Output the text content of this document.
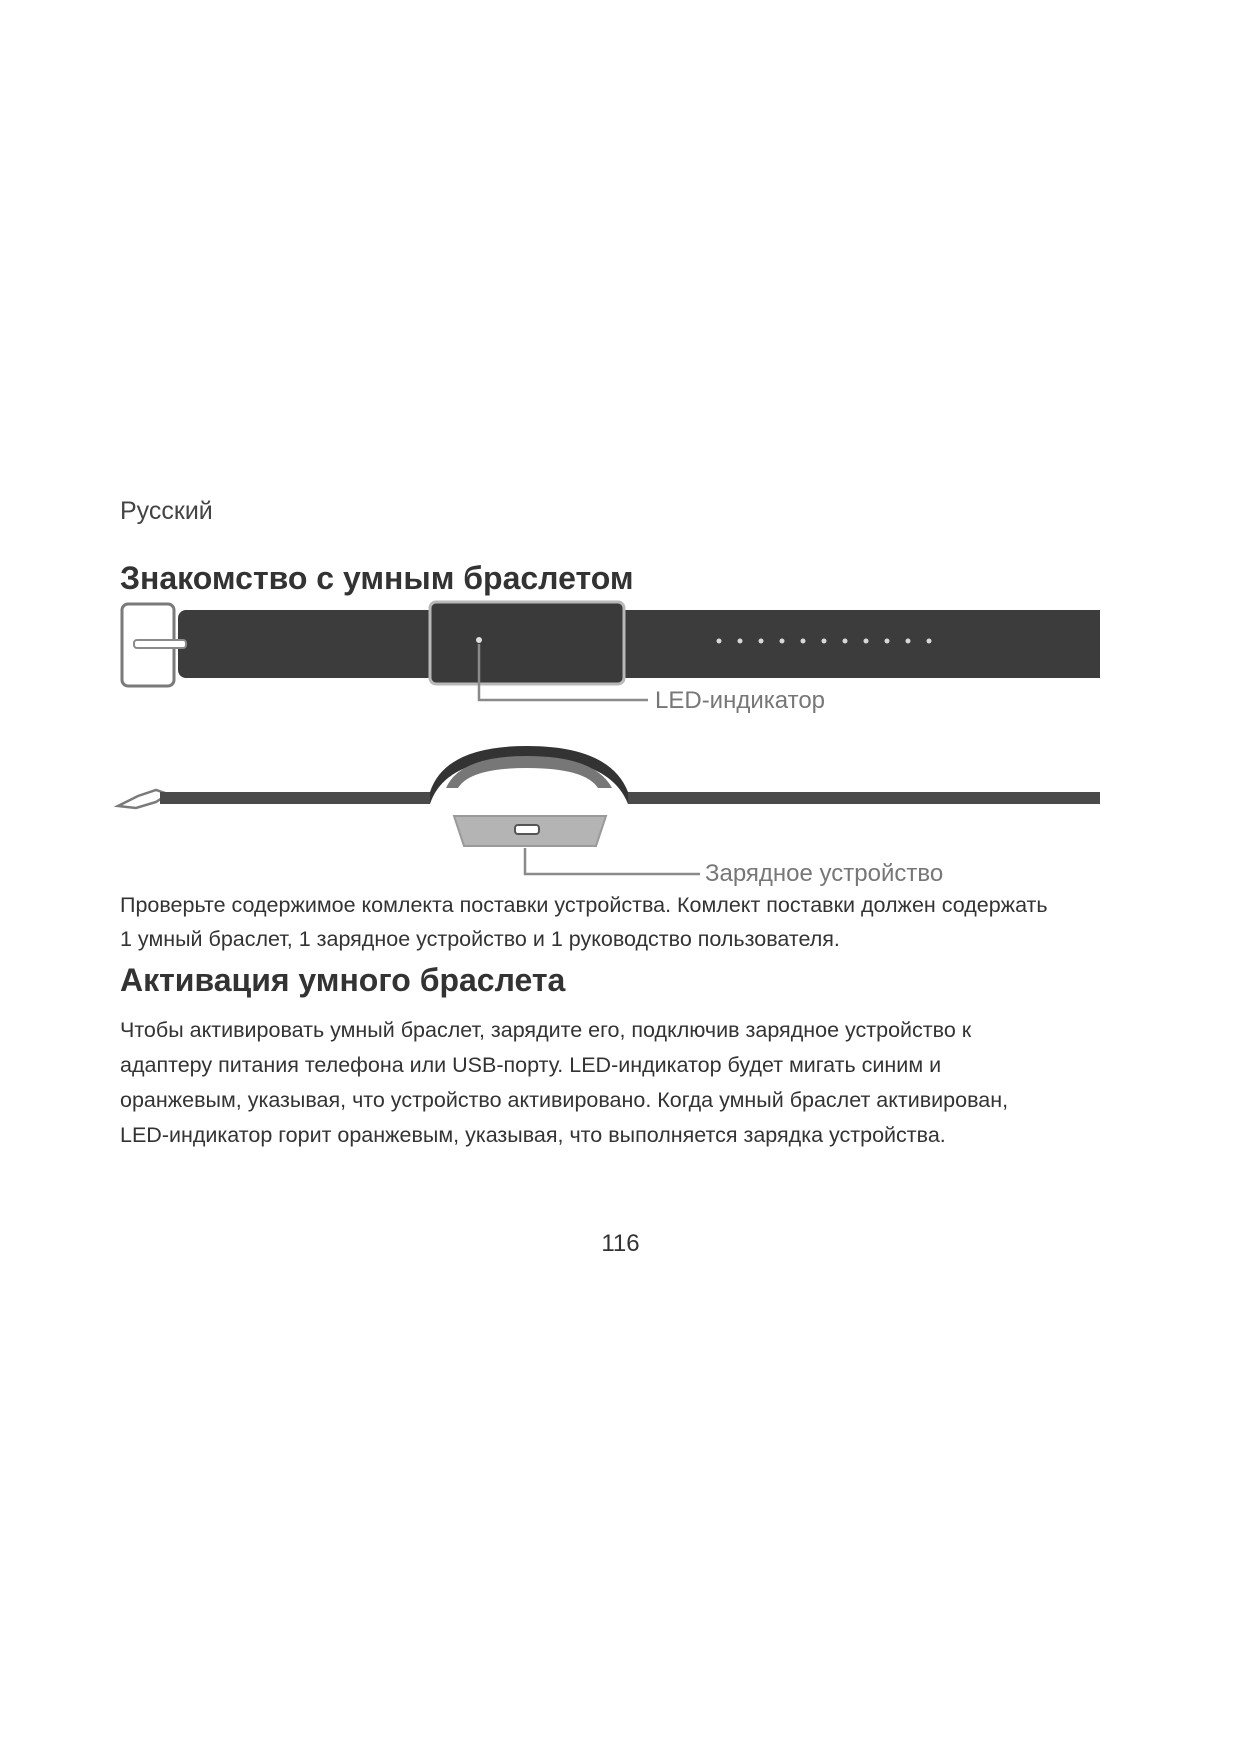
Русский
Знакомство с умным браслетом
LED-индикатор
Зарядное устройство
Проверьте содержимое комлекта поставки устройства. Комлект поставки должен содержать
1 умный браслет, 1 зарядное устройство и 1 руководство пользователя.
Активация умного браслета
Чтобы активировать умный браслет, зарядите его, подключив зарядное устройство к
адаптеру питания телефона или USB-порту. LED-индикатор будет мигать синим и
оранжевым, указывая, что устройство активировано. Когда умный браслет активирован,
LED-индикатор горит оранжевым, указывая, что выполняется зарядка устройства.
116
